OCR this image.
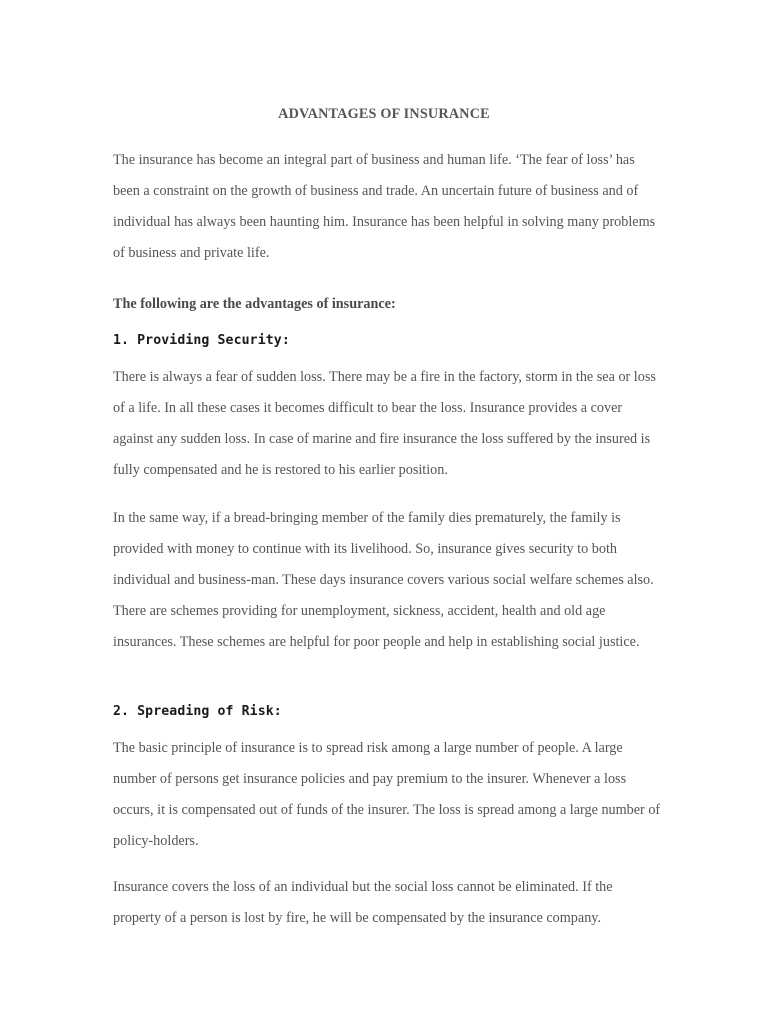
ADVANTAGES OF INSURANCE

The insurance has become an integral part of business and human life. ‘The fear of loss’ has been a constraint on the growth of business and trade. An uncertain future of business and of individual has always been haunting him. Insurance has been helpful in solving many problems of business and private life.

The following are the advantages of insurance:

1. Providing Security:

There is always a fear of sudden loss. There may be a fire in the factory, storm in the sea or loss of a life. In all these cases it becomes difficult to bear the loss. Insurance provides a cover against any sudden loss. In case of marine and fire insurance the loss suffered by the insured is fully compensated and he is restored to his earlier position.

In the same way, if a bread-bringing member of the family dies prematurely, the family is provided with money to continue with its livelihood. So, insurance gives security to both individual and business-man. These days insurance covers various social welfare schemes also. There are schemes providing for unemployment, sickness, accident, health and old age insurances. These schemes are helpful for poor people and help in establishing social justice.

2. Spreading of Risk:

The basic principle of insurance is to spread risk among a large number of people. A large number of persons get insurance policies and pay premium to the insurer. Whenever a loss occurs, it is compensated out of funds of the insurer. The loss is spread among a large number of policy-holders.

Insurance covers the loss of an individual but the social loss cannot be eliminated. If the property of a person is lost by fire, he will be compensated by the insurance company.
